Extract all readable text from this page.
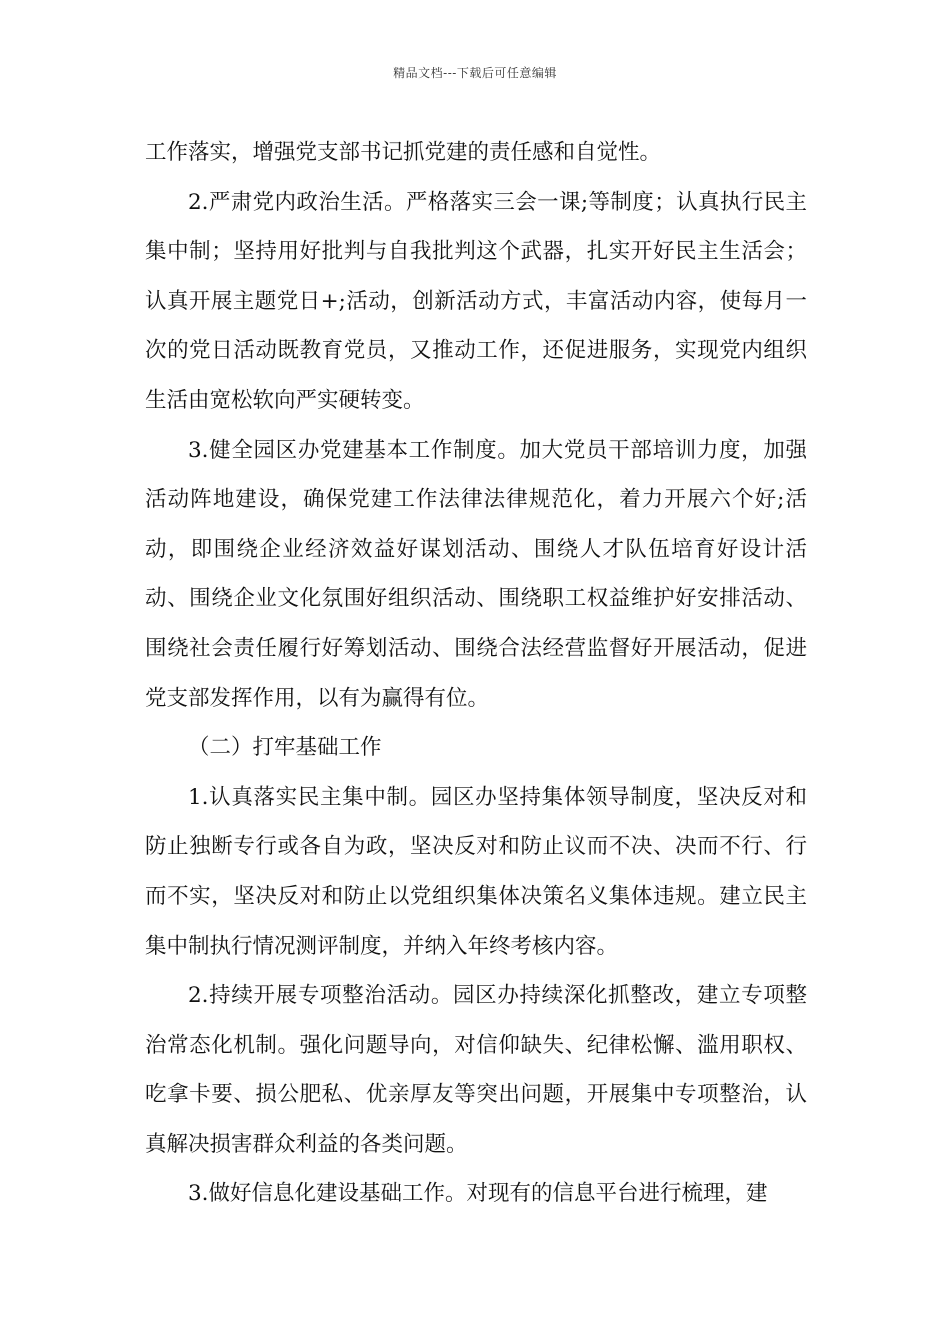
精品文档---下载后可任意编辑

工作落实，增强党支部书记抓党建的责任感和自觉性。

2.严肃党内政治生活。严格落实三会一课;等制度；认真执行民主集中制；坚持用好批判与自我批判这个武器，扎实开好民主生活会；认真开展主题党日+;活动，创新活动方式，丰富活动内容，使每月一次的党日活动既教育党员，又推动工作，还促进服务，实现党内组织生活由宽松软向严实硬转变。

3.健全园区办党建基本工作制度。加大党员干部培训力度，加强活动阵地建设，确保党建工作法律法律规范化，着力开展六个好;活动，即围绕企业经济效益好谋划活动、围绕人才队伍培育好设计活动、围绕企业文化氛围好组织活动、围绕职工权益维护好安排活动、围绕社会责任履行好筹划活动、围绕合法经营监督好开展活动，促进党支部发挥作用，以有为赢得有位。

（二）打牢基础工作

1.认真落实民主集中制。园区办坚持集体领导制度，坚决反对和防止独断专行或各自为政，坚决反对和防止议而不决、决而不行、行而不实，坚决反对和防止以党组织集体决策名义集体违规。建立民主集中制执行情况测评制度，并纳入年终考核内容。

2.持续开展专项整治活动。园区办持续深化抓整改，建立专项整治常态化机制。强化问题导向，对信仰缺失、纪律松懈、滥用职权、吃拿卡要、损公肥私、优亲厚友等突出问题，开展集中专项整治，认真解决损害群众利益的各类问题。

3.做好信息化建设基础工作。对现有的信息平台进行梳理，建
